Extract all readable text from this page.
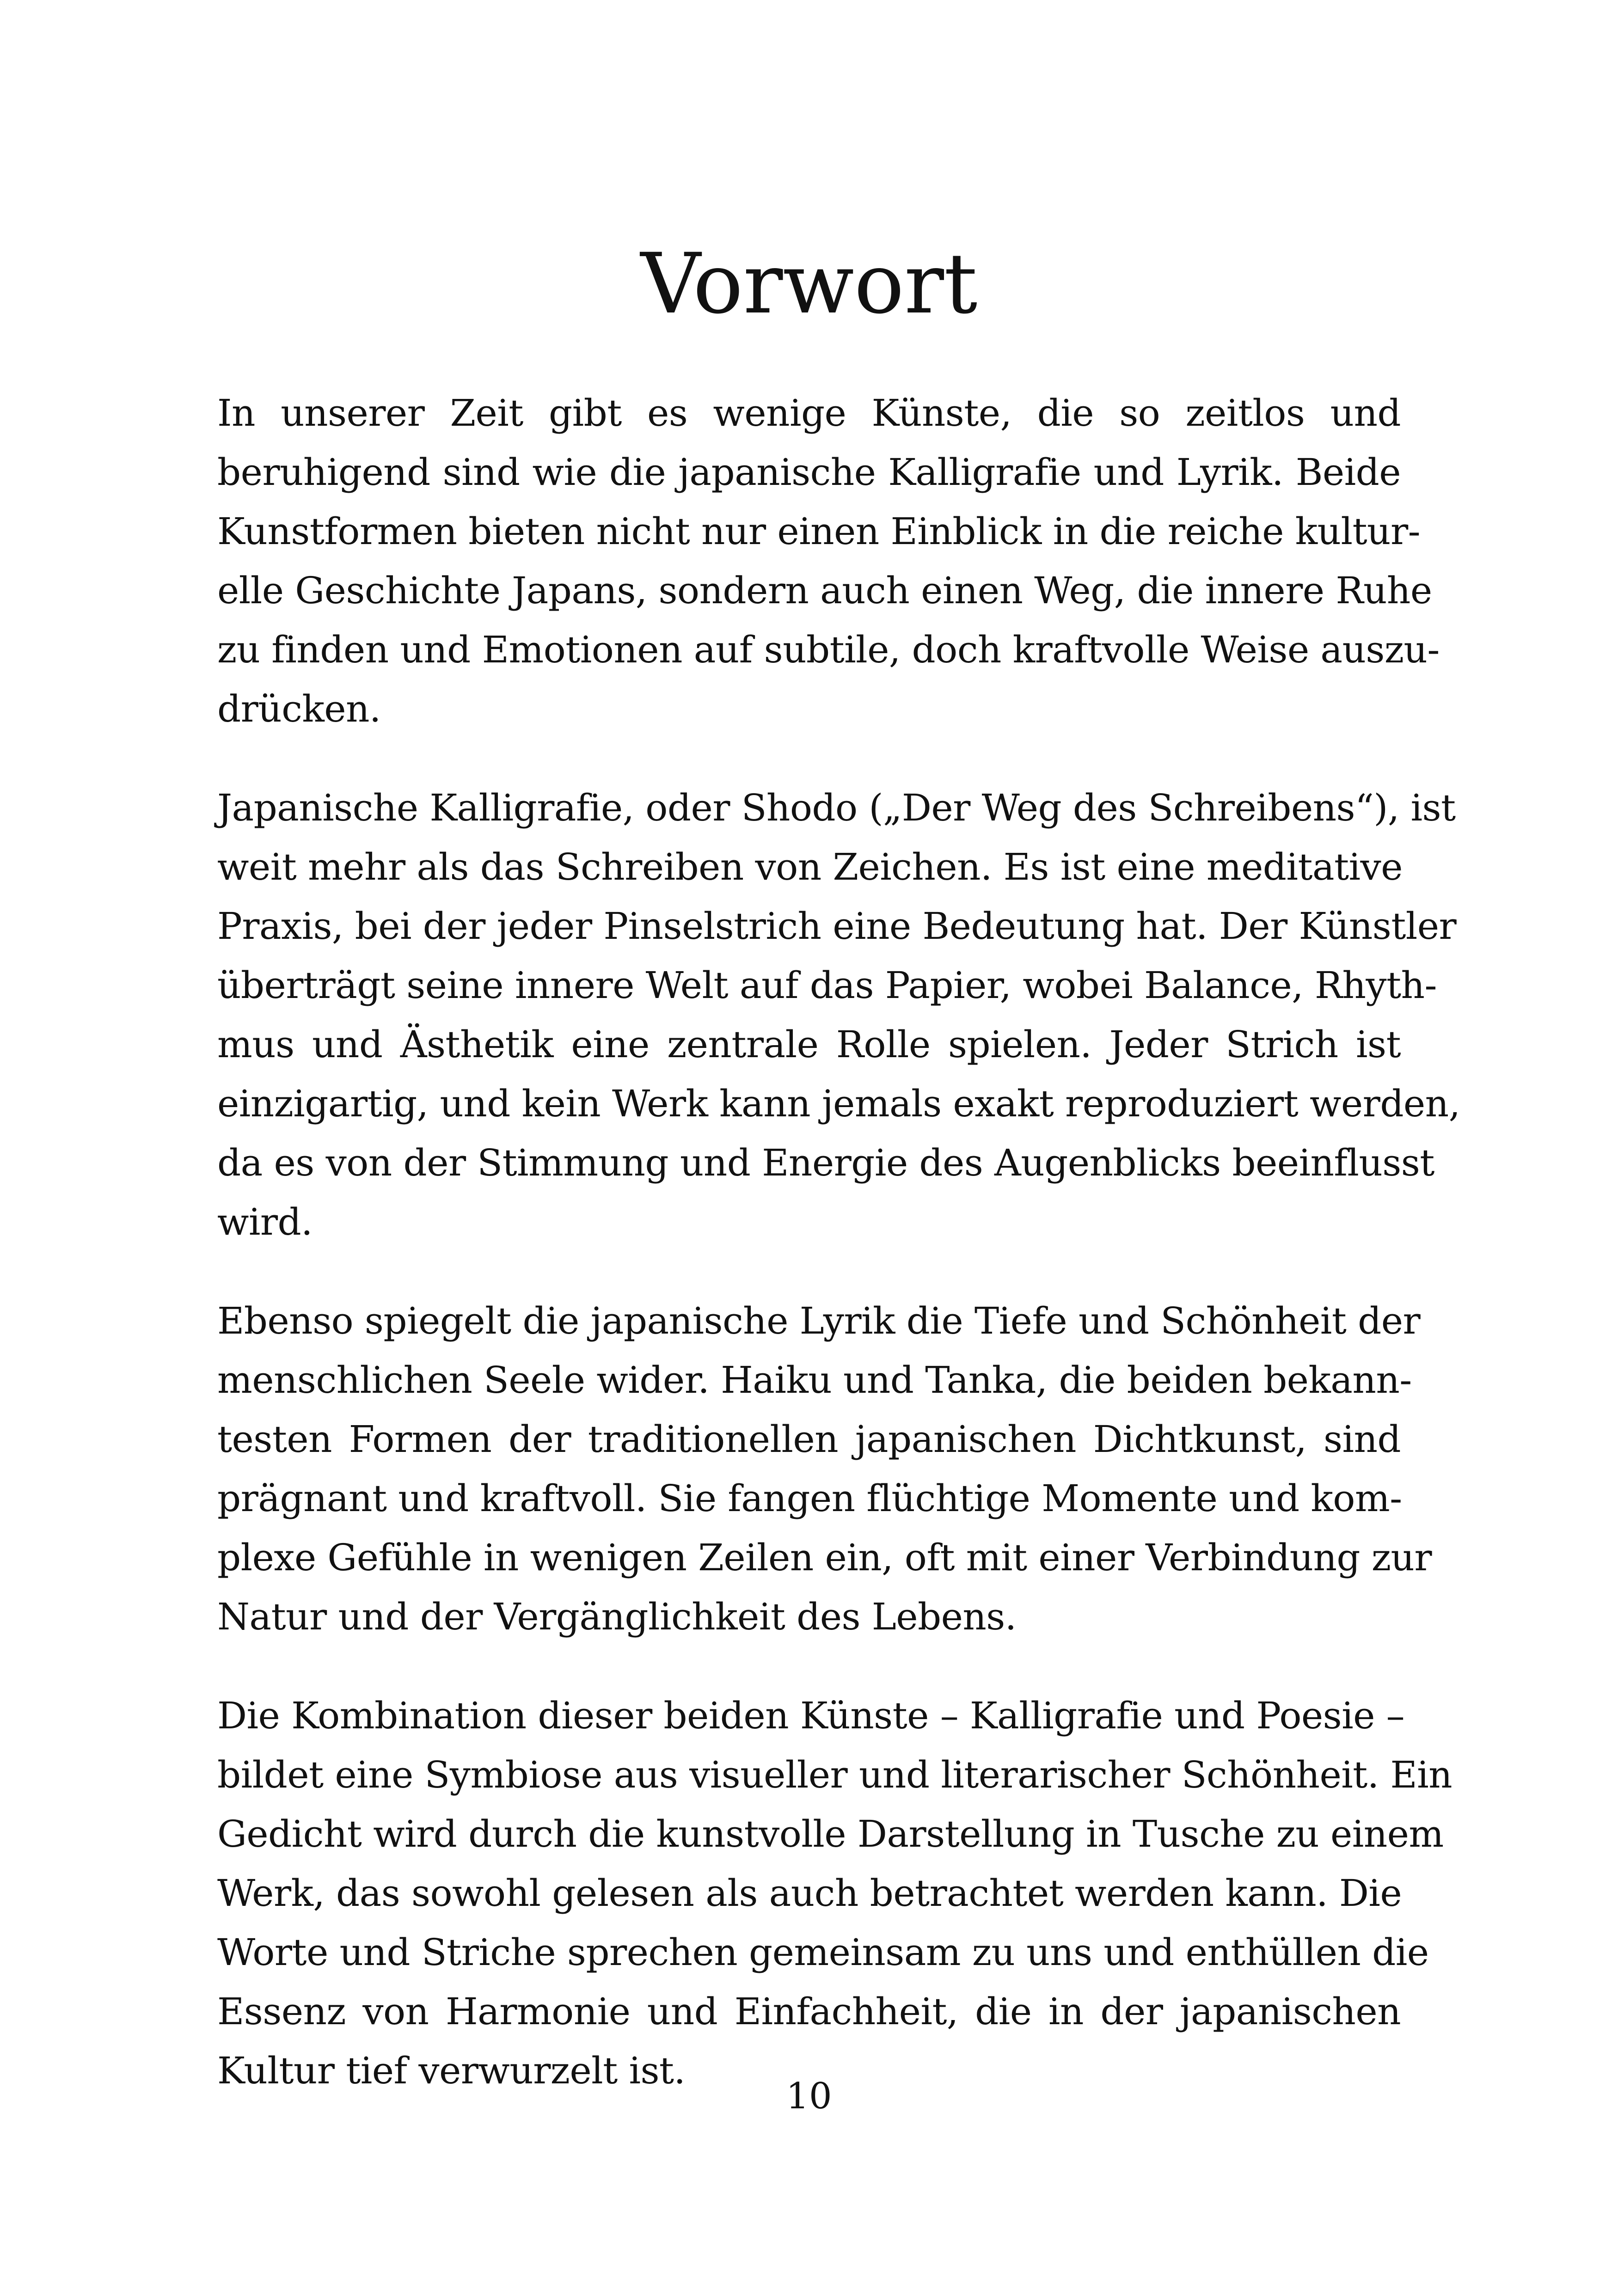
Vorwort

In unserer Zeit gibt es wenige Künste, die so zeitlos und
beruhigend sind wie die japanische Kalligrafie und Lyrik. Beide
Kunstformen bieten nicht nur einen Einblick in die reiche kultur-
elle Geschichte Japans, sondern auch einen Weg, die innere Ruhe
zu finden und Emotionen auf subtile, doch kraftvolle Weise auszu-
drücken.

Japanische Kalligrafie, oder Shodo („Der Weg des Schreibens“), ist
weit mehr als das Schreiben von Zeichen. Es ist eine meditative
Praxis, bei der jeder Pinselstrich eine Bedeutung hat. Der Künstler
überträgt seine innere Welt auf das Papier, wobei Balance, Rhyth-
mus und Ästhetik eine zentrale Rolle spielen. Jeder Strich ist
einzigartig, und kein Werk kann jemals exakt reproduziert werden,
da es von der Stimmung und Energie des Augenblicks beeinflusst
wird.

Ebenso spiegelt die japanische Lyrik die Tiefe und Schönheit der
menschlichen Seele wider. Haiku und Tanka, die beiden bekann-
testen Formen der traditionellen japanischen Dichtkunst, sind
prägnant und kraftvoll. Sie fangen flüchtige Momente und kom-
plexe Gefühle in wenigen Zeilen ein, oft mit einer Verbindung zur
Natur und der Vergänglichkeit des Lebens.

Die Kombination dieser beiden Künste – Kalligrafie und Poesie –
bildet eine Symbiose aus visueller und literarischer Schönheit. Ein
Gedicht wird durch die kunstvolle Darstellung in Tusche zu einem
Werk, das sowohl gelesen als auch betrachtet werden kann. Die
Worte und Striche sprechen gemeinsam zu uns und enthüllen die
Essenz von Harmonie und Einfachheit, die in der japanischen
Kultur tief verwurzelt ist.

10
